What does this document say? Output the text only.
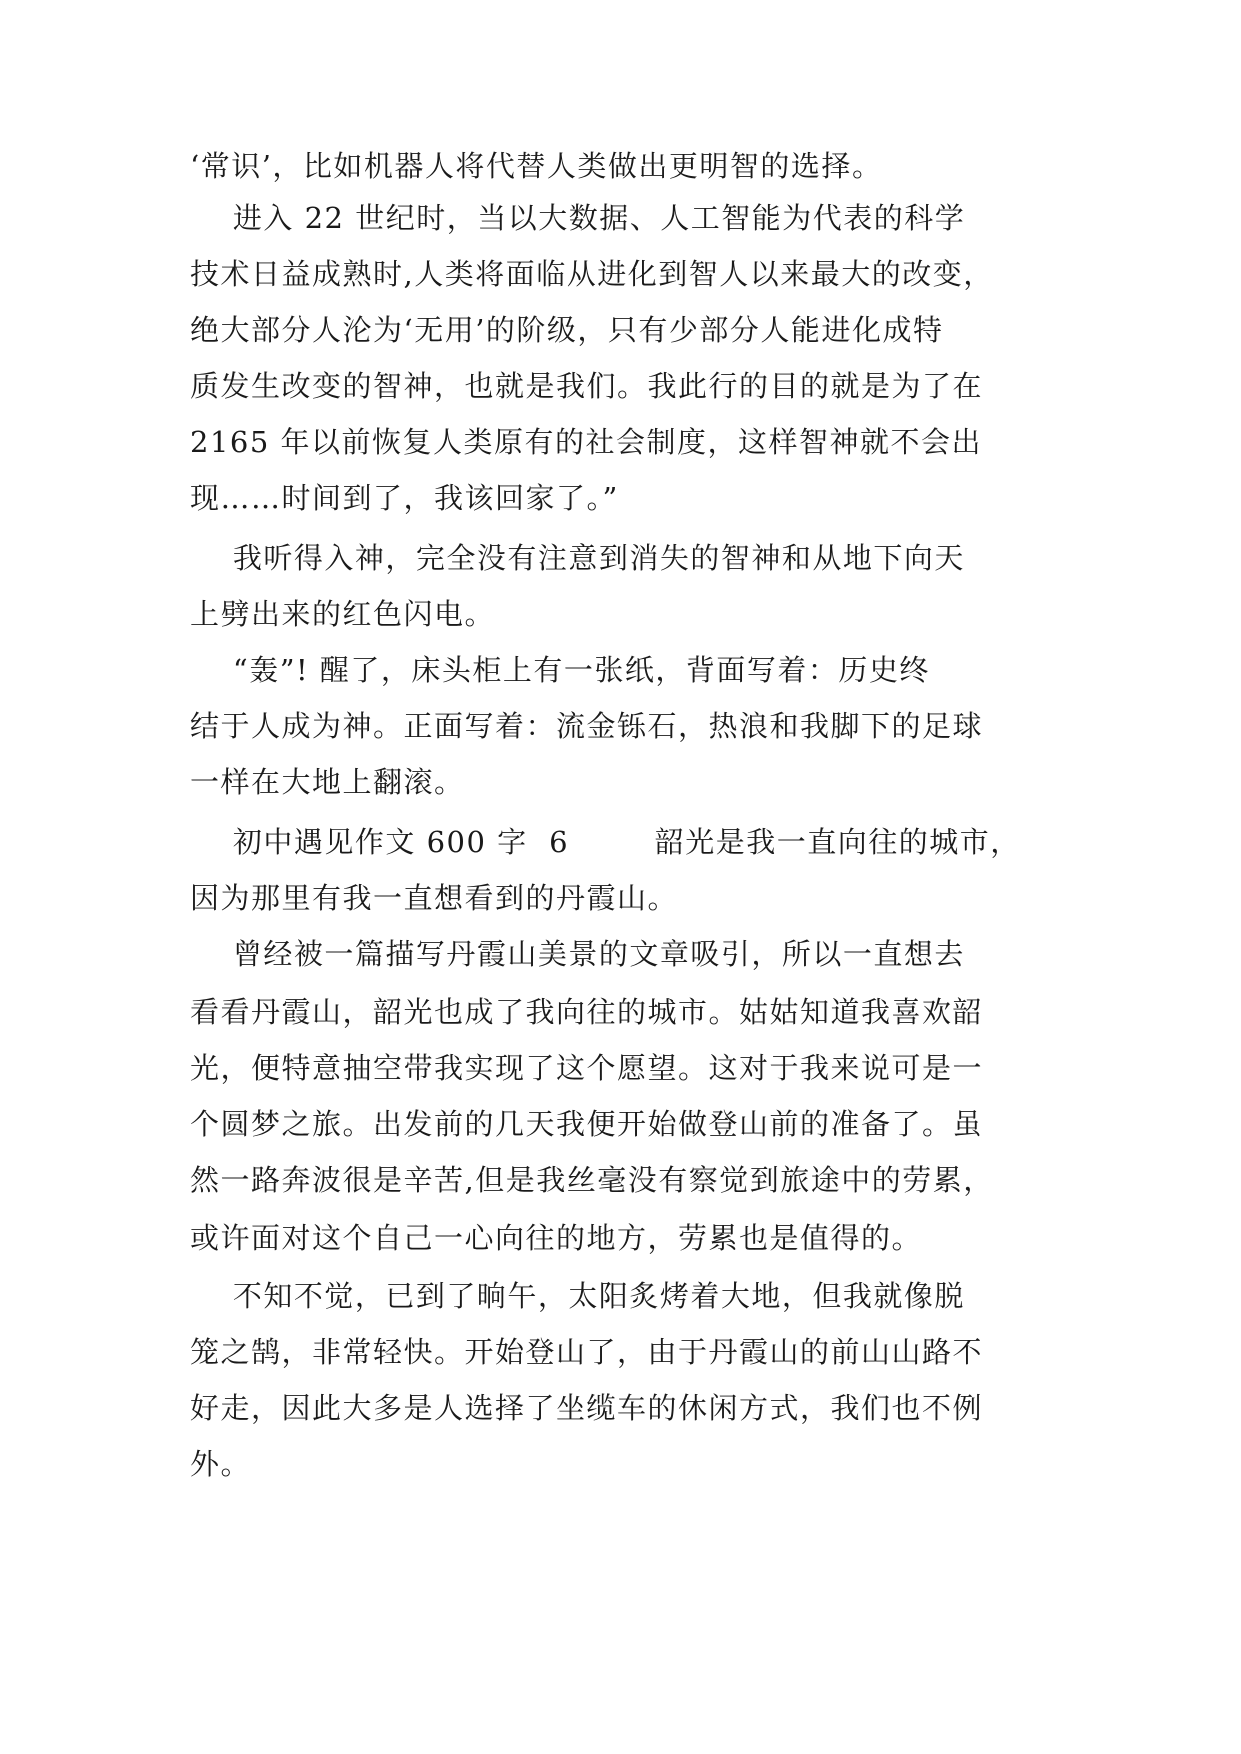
‘常识’，比如机器人将代替人类做出更明智的选择。
进入 22 世纪时，当以大数据、人工智能为代表的科学
技术日益成熟时,人类将面临从进化到智人以来最大的改变，
绝大部分人沦为‘无用’的阶级，只有少部分人能进化成特
质发生改变的智神，也就是我们。我此行的目的就是为了在
2165 年以前恢复人类原有的社会制度，这样智神就不会出
现……时间到了，我该回家了。”
我听得入神，完全没有注意到消失的智神和从地下向天
上劈出来的红色闪电。
“轰”! 醒了，床头柜上有一张纸，背面写着：历史终
结于人成为神。正面写着：流金铄石，热浪和我脚下的足球
一样在大地上翻滚。
初中遇见作文 600 字  6        韶光是我一直向往的城市，
因为那里有我一直想看到的丹霞山。
曾经被一篇描写丹霞山美景的文章吸引，所以一直想去
看看丹霞山，韶光也成了我向往的城市。姑姑知道我喜欢韶
光，便特意抽空带我实现了这个愿望。这对于我来说可是一
个圆梦之旅。出发前的几天我便开始做登山前的准备了。虽
然一路奔波很是辛苦,但是我丝毫没有察觉到旅途中的劳累，
或许面对这个自己一心向往的地方，劳累也是值得的。
不知不觉，已到了晌午，太阳炙烤着大地，但我就像脱
笼之鹄，非常轻快。开始登山了，由于丹霞山的前山山路不
好走，因此大多是人选择了坐缆车的休闲方式，我们也不例
外。
